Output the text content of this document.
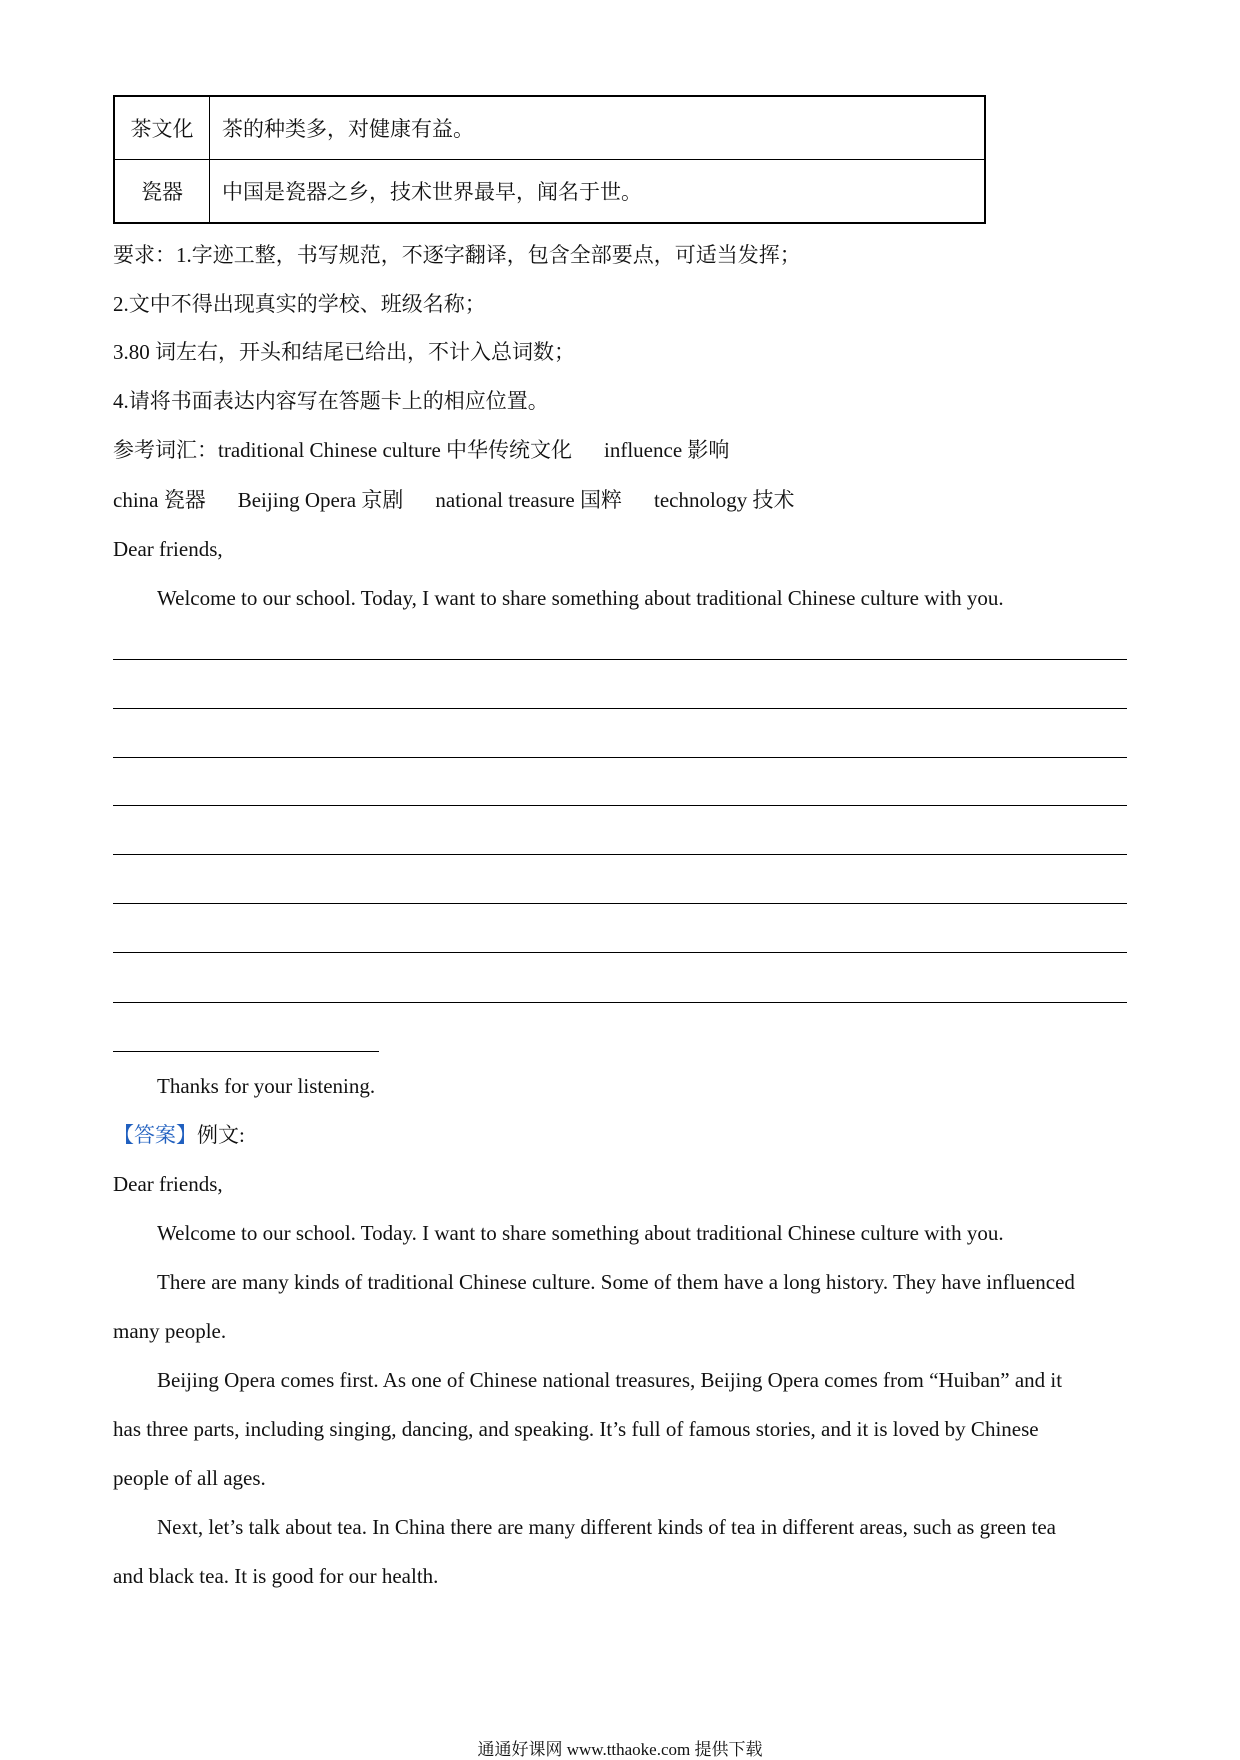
茶文化	茶的种类多，对健康有益。
瓷器	中国是瓷器之乡，技术世界最早，闻名于世。
要求：1.字迹工整，书写规范，不逐字翻译，包含全部要点，可适当发挥；
2.文中不得出现真实的学校、班级名称；
3.80 词左右，开头和结尾已给出，不计入总词数；
4.请将书面表达内容写在答题卡上的相应位置。
参考词汇：traditional Chinese culture 中华传统文化 influence 影响
china 瓷器 Beijing Opera 京剧 national treasure 国粹 technology 技术
Dear friends,
Welcome to our school. Today, I want to share something about traditional Chinese culture with you.
Thanks for your listening.
【答案】例文:
Dear friends,
Welcome to our school. Today. I want to share something about traditional Chinese culture with you.
There are many kinds of traditional Chinese culture. Some of them have a long history. They have influenced
many people.
Beijing Opera comes first. As one of Chinese national treasures, Beijing Opera comes from “Huiban” and it
has three parts, including singing, dancing, and speaking. It’s full of famous stories, and it is loved by Chinese
people of all ages.
Next, let’s talk about tea. In China there are many different kinds of tea in different areas, such as green tea
and black tea. It is good for our health.
通通好课网 www.tthaoke.com 提供下载
